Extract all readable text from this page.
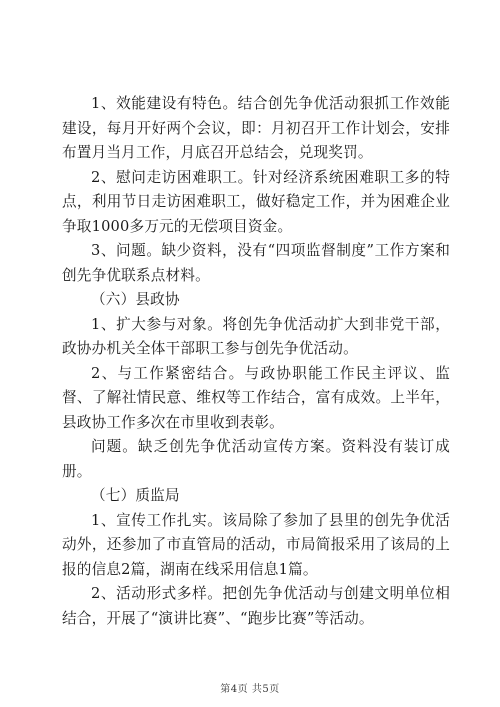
1、效能建设有特色。结合创先争优活动狠抓工作效能建设，每月开好两个会议，即：月初召开工作计划会，安排布置月当月工作，月底召开总结会，兑现奖罚。

2、慰问走访困难职工。针对经济系统困难职工多的特点，利用节日走访困难职工，做好稳定工作，并为困难企业争取1000多万元的无偿项目资金。

3、问题。缺少资料，没有“四项监督制度”工作方案和创先争优联系点材料。

（六）县政协

1、扩大参与对象。将创先争优活动扩大到非党干部，政协办机关全体干部职工参与创先争优活动。

2、与工作紧密结合。与政协职能工作民主评议、监督、了解社情民意、维权等工作结合，富有成效。上半年，县政协工作多次在市里收到表彰。

问题。缺乏创先争优活动宣传方案。资料没有装订成册。

（七）质监局

1、宣传工作扎实。该局除了参加了县里的创先争优活动外，还参加了市直管局的活动，市局简报采用了该局的上报的信息2篇，湖南在线采用信息1篇。

2、活动形式多样。把创先争优活动与创建文明单位相结合，开展了“演讲比赛”、“跑步比赛”等活动。

第4页 共5页
